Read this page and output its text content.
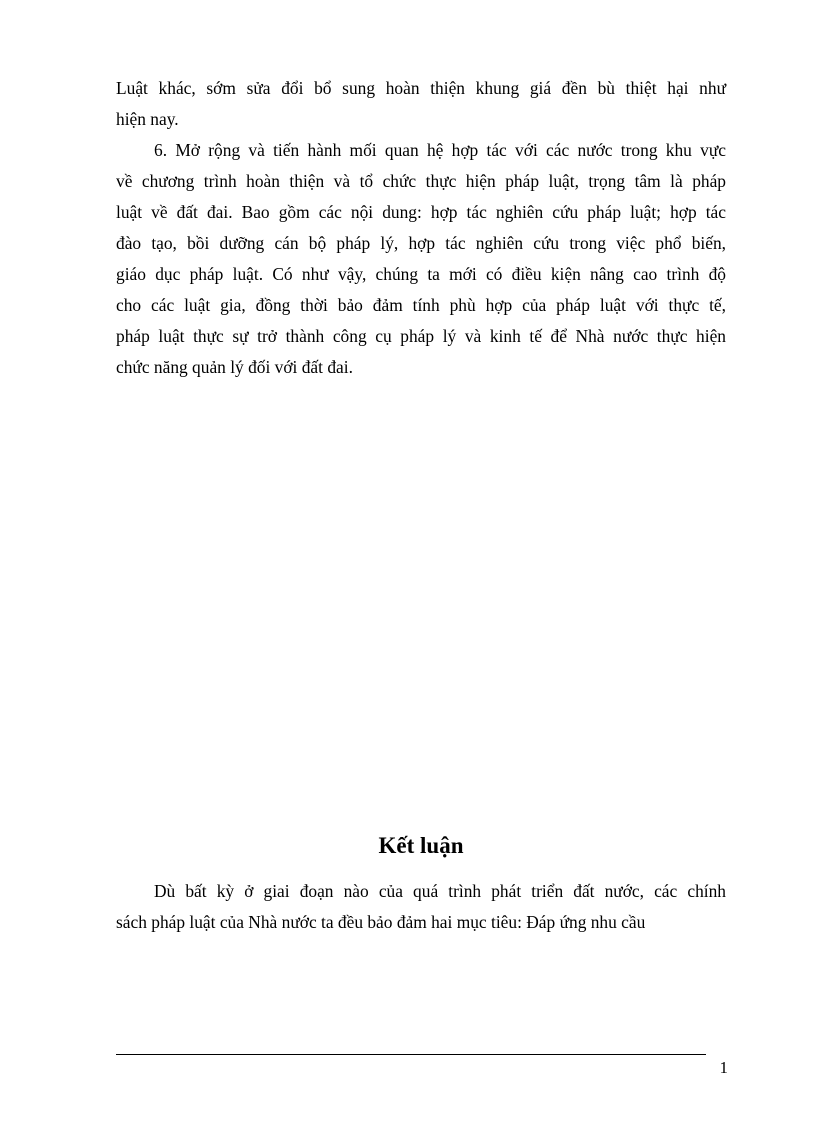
Luật khác, sớm sửa đổi bổ sung hoàn thiện khung giá đền bù thiệt hại như
hiện nay.
6. Mở rộng và tiến hành mối quan hệ hợp tác với các nước trong khu vực
về chương trình hoàn thiện và tổ chức thực hiện pháp luật, trọng tâm là pháp
luật về đất đai. Bao gồm các nội dung: hợp tác nghiên cứu pháp luật; hợp tác
đào tạo, bồi dưỡng cán bộ pháp lý, hợp tác nghiên cứu trong việc phổ biến,
giáo dục pháp luật. Có như vậy, chúng ta mới có điều kiện nâng cao trình độ
cho các luật gia, đồng thời bảo đảm tính phù hợp của pháp luật với thực tế,
pháp luật thực sự trở thành công cụ pháp lý và kinh tế để Nhà nước thực hiện
chức năng quản lý đối với đất đai.
Kết luận
Dù bất kỳ ở giai đoạn nào của quá trình phát triển đất nước, các chính
sách pháp luật của Nhà nước ta đều bảo đảm hai mục tiêu: Đáp ứng nhu cầu
1
